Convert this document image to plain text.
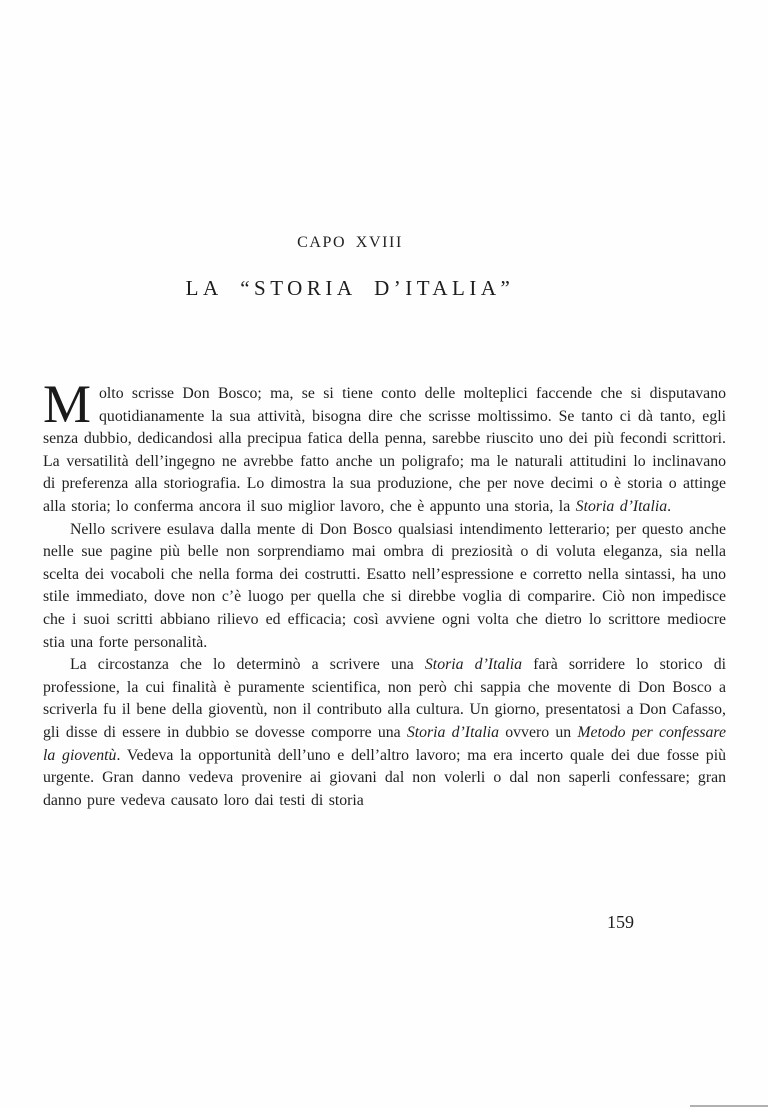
CAPO XVIII
LA “STORIA D’ITALIA”

Molto scrisse Don Bosco; ma, se si tiene conto delle molteplici faccende che si disputavano quotidianamente la sua attività, bisogna dire che scrisse moltissimo. Se tanto ci dà tanto, egli senza dubbio, dedicandosi alla precipua fatica della penna, sarebbe riuscito uno dei più fecondi scrittori. La versatilità dell’ingegno ne avrebbe fatto anche un poligrafo; ma le naturali attitudini lo inclinavano di preferenza alla storiografia. Lo dimostra la sua produzione, che per nove decimi o è storia o attinge alla storia; lo conferma ancora il suo miglior lavoro, che è appunto una storia, la Storia d’Italia.

Nello scrivere esulava dalla mente di Don Bosco qualsiasi intendimento letterario; per questo anche nelle sue pagine più belle non sorprendiamo mai ombra di preziosità o di voluta eleganza, sia nella scelta dei vocaboli che nella forma dei costrutti. Esatto nell’espressione e corretto nella sintassi, ha uno stile immediato, dove non c’è luogo per quella che si direbbe voglia di comparire. Ciò non impedisce che i suoi scritti abbiano rilievo ed efficacia; così avviene ogni volta che dietro lo scrittore mediocre stia una forte personalità.

La circostanza che lo determinò a scrivere una Storia d’Italia farà sorridere lo storico di professione, la cui finalità è puramente scientifica, non però chi sappia che movente di Don Bosco a scriverla fu il bene della gioventù, non il contributo alla cultura. Un giorno, presentatosi a Don Cafasso, gli disse di essere in dubbio se dovesse comporre una Storia d’Italia ovvero un Metodo per confessare la gioventù. Vedeva la opportunità dell’uno e dell’altro lavoro; ma era incerto quale dei due fosse più urgente. Gran danno vedeva provenire ai giovani dal non volerli o dal non saperli confessare; gran danno pure vedeva causato loro dai testi di storia

159
